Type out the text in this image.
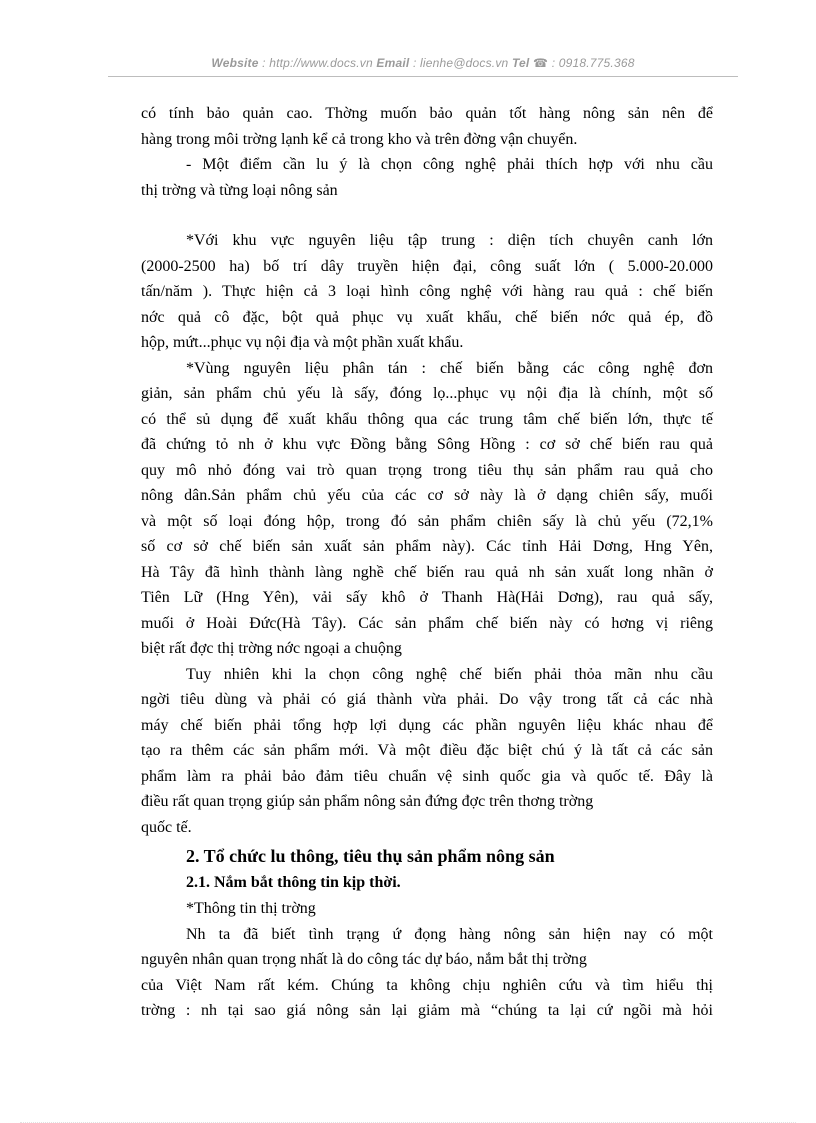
Website : http://www.docs.vn Email : lienhe@docs.vn Tel ☎ : 0918.775.368
có tính bảo quản cao. Thờng muốn bảo quản tốt hàng nông sản nên để
hàng trong môi trờng lạnh kể cả trong kho và trên đờng vận chuyển.
- Một điểm cần lu ý là chọn công nghệ phải thích hợp với nhu cầu
thị trờng và từng loại nông sản
*Với khu vực nguyên liệu tập trung : diện tích chuyên canh lớn
(2000-2500 ha) bố trí dây truyền hiện đại, công suất lớn ( 5.000-20.000
tấn/năm ). Thực hiện cả 3 loại hình công nghệ với hàng rau quả : chế biến
nớc quả cô đặc, bột quả phục vụ xuất khẩu, chế biến nớc quả ép, đồ
hộp, mứt...phục vụ nội địa và một phần xuất khẩu.
*Vùng nguyên liệu phân tán : chế biến bằng các công nghệ đơn
giản, sản phẩm chủ yếu là sấy, đóng lọ...phục vụ nội địa là chính, một số
có thể sủ dụng để xuất khẩu thông qua các trung tâm chế biến lớn, thực tế
đã chứng tỏ nh ở khu vực Đồng bằng Sông Hồng : cơ sở chế biến rau quả
quy mô nhỏ đóng vai trò quan trọng trong tiêu thụ sản phẩm rau quả cho
nông dân.Sản phẩm chủ yếu của các cơ sở này là ở dạng chiên sấy, muối
và một số loại đóng hộp, trong đó sản phẩm chiên sấy là chủ yếu (72,1%
số cơ sở chế biến sản xuất sản phẩm này). Các tỉnh Hải Dơng, Hng Yên,
Hà Tây đã hình thành làng nghề chế biến rau quả nh sản xuất long nhãn ở
Tiên Lữ (Hng Yên), vải sấy khô ở Thanh Hà(Hải Dơng), rau quả sấy,
muối ở Hoài Đức(Hà Tây). Các sản phẩm chế biến này có hơng vị riêng
biệt rất đợc thị trờng nớc ngoại a chuộng
Tuy nhiên khi la chọn công nghệ chế biến phải thỏa mãn nhu cầu
ngời tiêu dùng và phải có giá thành vừa phải. Do vậy trong tất cả các nhà
máy chế biến phải tổng hợp lợi dụng các phần nguyên liệu khác nhau để
tạo ra thêm các sản phẩm mới. Và một điều đặc biệt chú ý là tất cả các sản
phẩm làm ra phải bảo đảm tiêu chuẩn vệ sinh quốc gia và quốc tế. Đây là
điều rất quan trọng giúp sản phẩm nông sản đứng đợc trên thơng trờng
quốc tế.
2. Tổ chức lu thông, tiêu thụ sản phẩm nông sản
2.1. Nắm bắt thông tin kịp thời.
*Thông tin thị trờng
Nh ta đã biết tình trạng ứ đọng hàng nông sản hiện nay có một
nguyên nhân quan trọng nhất là do công tác dự báo, nắm bắt thị trờng
của Việt Nam rất kém. Chúng ta không chịu nghiên cứu và tìm hiểu thị
trờng : nh tại sao giá nông sản lại giảm mà “chúng ta lại cứ ngồi mà hỏi
